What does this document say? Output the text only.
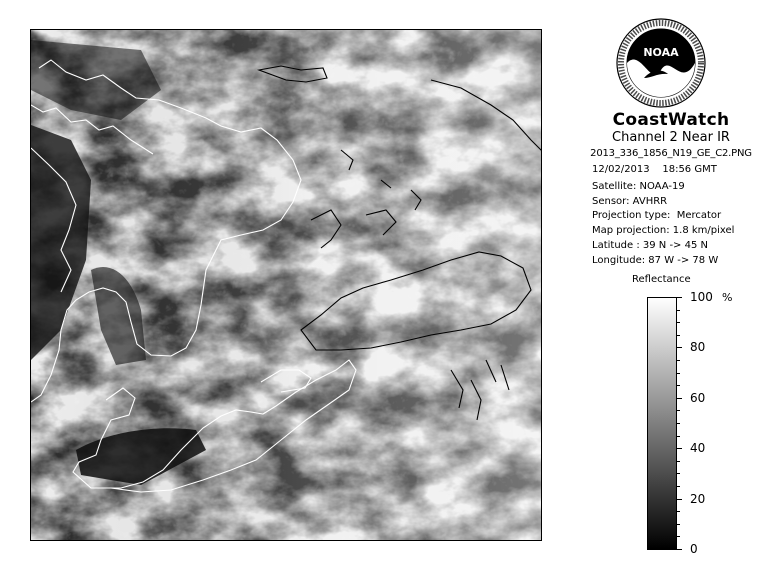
NOAA
CoastWatch
Channel 2 Near IR
2013_336_1856_N19_GE_C2.PNG
12/02/2013    18:56 GMT
Satellite: NOAA-19
Sensor: AVHRR
Projection type:  Mercator
Map projection: 1.8 km/pixel
Latitude : 39 N -> 45 N
Longitude: 87 W -> 78 W
Reflectance
100
80
60
40
20
0
%
